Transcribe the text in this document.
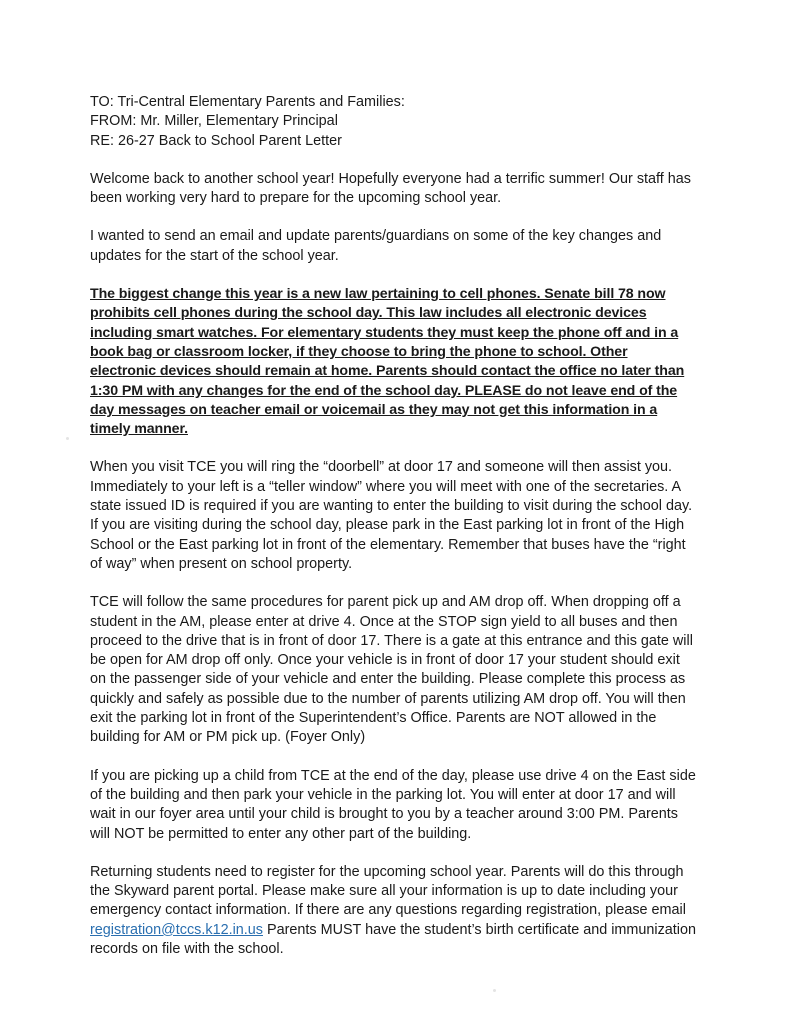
TO: Tri-Central Elementary Parents and Families:
FROM: Mr. Miller, Elementary Principal
RE: 26-27 Back to School Parent Letter

Welcome back to another school year! Hopefully everyone had a terrific summer! Our staff has been working very hard to prepare for the upcoming school year.

I wanted to send an email and update parents/guardians on some of the key changes and updates for the start of the school year.

The biggest change this year is a new law pertaining to cell phones. Senate bill 78 now prohibits cell phones during the school day. This law includes all electronic devices including smart watches. For elementary students they must keep the phone off and in a book bag or classroom locker, if they choose to bring the phone to school. Other electronic devices should remain at home. Parents should contact the office no later than 1:30 PM with any changes for the end of the school day. PLEASE do not leave end of the day messages on teacher email or voicemail as they may not get this information in a timely manner.

When you visit TCE you will ring the “doorbell” at door 17 and someone will then assist you. Immediately to your left is a “teller window” where you will meet with one of the secretaries. A state issued ID is required if you are wanting to enter the building to visit during the school day. If you are visiting during the school day, please park in the East parking lot in front of the High School or the East parking lot in front of the elementary. Remember that buses have the “right of way” when present on school property.

TCE will follow the same procedures for parent pick up and AM drop off. When dropping off a student in the AM, please enter at drive 4. Once at the STOP sign yield to all buses and then proceed to the drive that is in front of door 17. There is a gate at this entrance and this gate will be open for AM drop off only. Once your vehicle is in front of door 17 your student should exit on the passenger side of your vehicle and enter the building. Please complete this process as quickly and safely as possible due to the number of parents utilizing AM drop off. You will then exit the parking lot in front of the Superintendent’s Office. Parents are NOT allowed in the building for AM or PM pick up. (Foyer Only)

If you are picking up a child from TCE at the end of the day, please use drive 4 on the East side of the building and then park your vehicle in the parking lot. You will enter at door 17 and will wait in our foyer area until your child is brought to you by a teacher around 3:00 PM. Parents will NOT be permitted to enter any other part of the building.

Returning students need to register for the upcoming school year. Parents will do this through the Skyward parent portal. Please make sure all your information is up to date including your emergency contact information. If there are any questions regarding registration, please email registration@tccs.k12.in.us Parents MUST have the student’s birth certificate and immunization records on file with the school.
